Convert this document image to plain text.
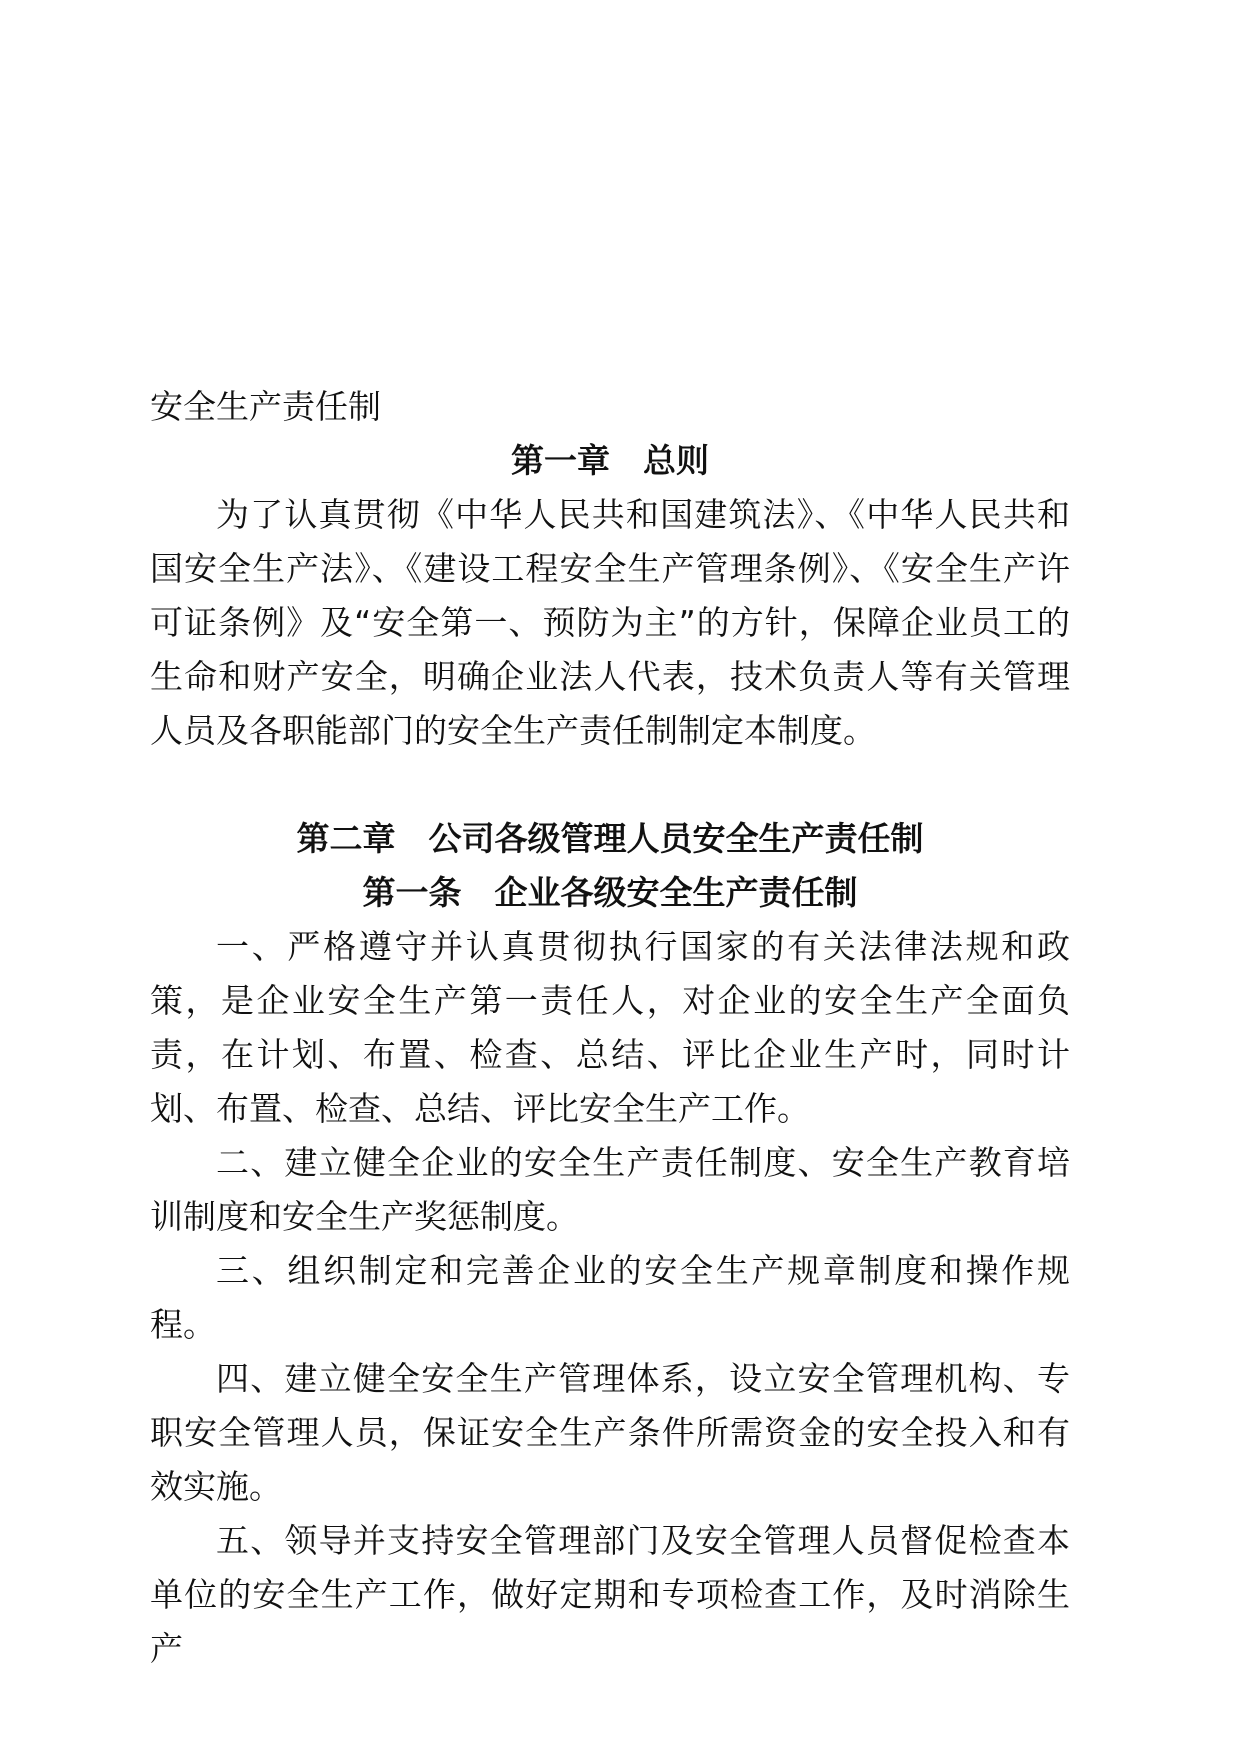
安全生产责任制
第一章　总则

为了认真贯彻《中华人民共和国建筑法》、《中华人民共和国安全生产法》、《建设工程安全生产管理条例》、《安全生产许可证条例》及“安全第一、预防为主”的方针，保障企业员工的生命和财产安全，明确企业法人代表，技术负责人等有关管理人员及各职能部门的安全生产责任制制定本制度。

第二章　公司各级管理人员安全生产责任制
第一条　企业各级安全生产责任制

一、严格遵守并认真贯彻执行国家的有关法律法规和政策，是企业安全生产第一责任人，对企业的安全生产全面负责，在计划、布置、检查、总结、评比企业生产时，同时计划、布置、检查、总结、评比安全生产工作。

二、建立健全企业的安全生产责任制度、安全生产教育培训制度和安全生产奖惩制度。

三、组织制定和完善企业的安全生产规章制度和操作规程。

四、建立健全安全生产管理体系，设立安全管理机构、专职安全管理人员，保证安全生产条件所需资金的安全投入和有效实施。

五、领导并支持安全管理部门及安全管理人员督促检查本单位的安全生产工作，做好定期和专项检查工作，及时消除生产
